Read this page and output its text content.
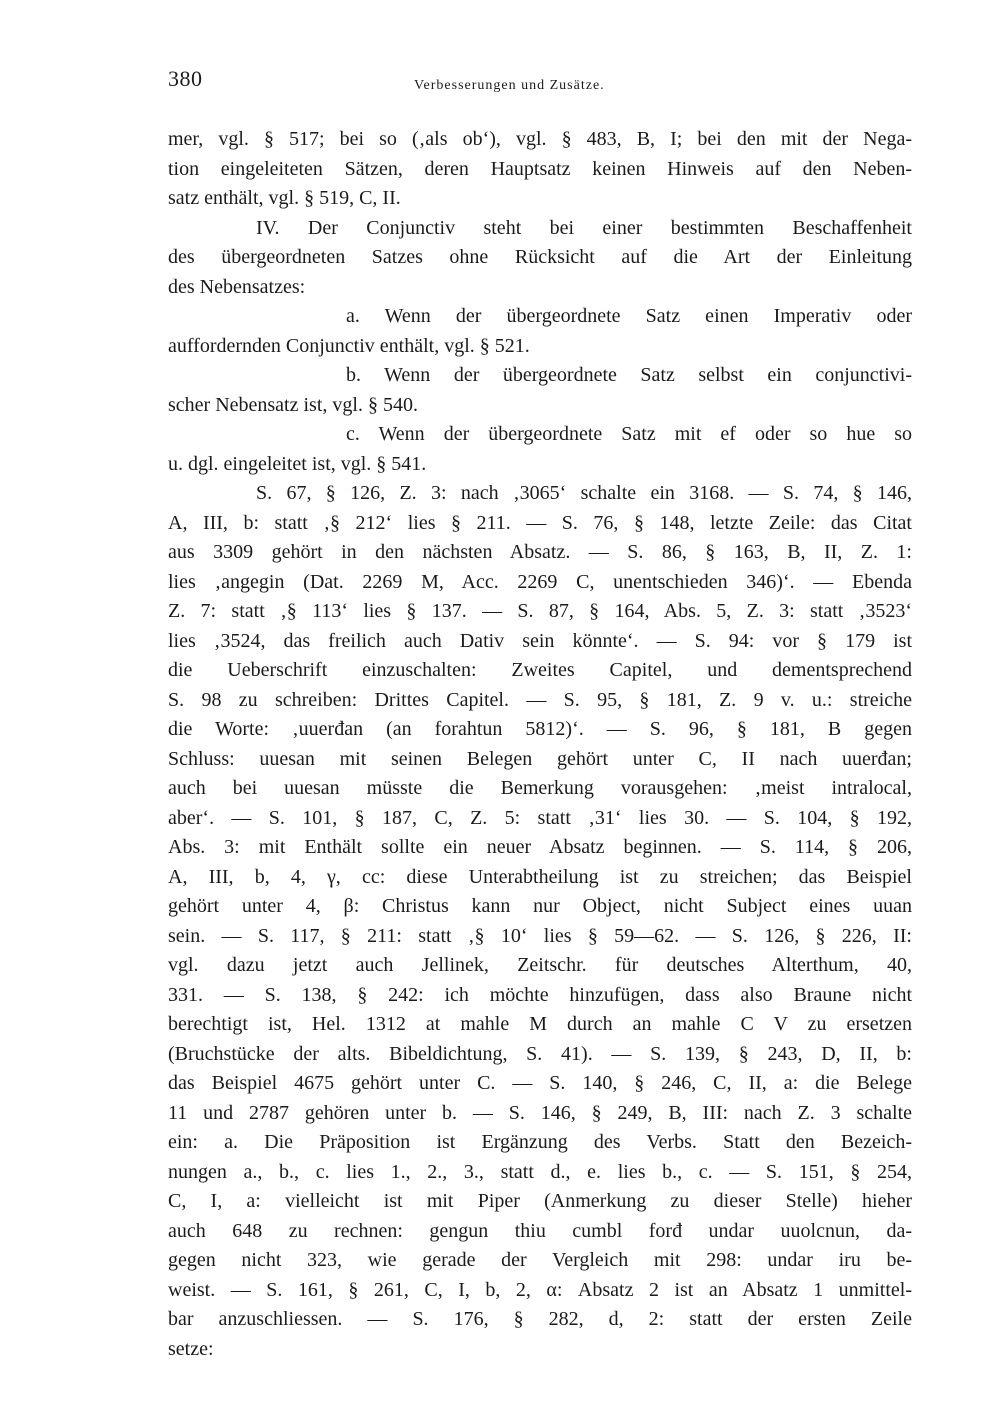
380	Verbesserungen und Zusätze.
mer, vgl. § 517; bei so (‚als ob‘), vgl. § 483, B, I; bei den mit der Nega-
tion eingeleiteten Sätzen, deren Hauptsatz keinen Hinweis auf den Neben-
satz enthält, vgl. § 519, C, II.
IV. Der Conjunctiv steht bei einer bestimmten Beschaffenheit
des übergeordneten Satzes ohne Rücksicht auf die Art der Einleitung
des Nebensatzes:
a. Wenn der übergeordnete Satz einen Imperativ oder
auffordernden Conjunctiv enthält, vgl. § 521.
b. Wenn der übergeordnete Satz selbst ein conjunctivi-
scher Nebensatz ist, vgl. § 540.
c. Wenn der übergeordnete Satz mit ef oder so hue so
u. dgl. eingeleitet ist, vgl. § 541.
S. 67, § 126, Z. 3: nach ‚3065‘ schalte ein 3168. — S. 74, § 146,
A, III, b: statt ‚§ 212‘ lies § 211. — S. 76, § 148, letzte Zeile: das Citat
aus 3309 gehört in den nächsten Absatz. — S. 86, § 163, B, II, Z. 1:
lies ‚angegin (Dat. 2269 M, Acc. 2269 C, unentschieden 346)‘. — Ebenda
Z. 7: statt ‚§ 113‘ lies § 137. — S. 87, § 164, Abs. 5, Z. 3: statt ‚3523‘
lies ‚3524, das freilich auch Dativ sein könnte‘. — S. 94: vor § 179 ist
die Ueberschrift einzuschalten: Zweites Capitel, und dementsprechend
S. 98 zu schreiben: Drittes Capitel. — S. 95, § 181, Z. 9 v. u.: streiche
die Worte: ‚uuerđan (an forahtun 5812)‘. — S. 96, § 181, B gegen
Schluss: uuesan mit seinen Belegen gehört unter C, II nach uuerđan;
auch bei uuesan müsste die Bemerkung vorausgehen: ‚meist intralocal,
aber‘. — S. 101, § 187, C, Z. 5: statt ‚31‘ lies 30. — S. 104, § 192,
Abs. 3: mit Enthält sollte ein neuer Absatz beginnen. — S. 114, § 206,
A, III, b, 4, γ, cc: diese Unterabtheilung ist zu streichen; das Beispiel
gehört unter 4, β: Christus kann nur Object, nicht Subject eines uuan
sein. — S. 117, § 211: statt ‚§ 10‘ lies § 59—62. — S. 126, § 226, II:
vgl. dazu jetzt auch Jellinek, Zeitschr. für deutsches Alterthum, 40,
331. — S. 138, § 242: ich möchte hinzufügen, dass also Braune nicht
berechtigt ist, Hel. 1312 at mahle M durch an mahle C V zu ersetzen
(Bruchstücke der alts. Bibeldichtung, S. 41). — S. 139, § 243, D, II, b:
das Beispiel 4675 gehört unter C. — S. 140, § 246, C, II, a: die Belege
11 und 2787 gehören unter b. — S. 146, § 249, B, III: nach Z. 3 schalte
ein: a. Die Präposition ist Ergänzung des Verbs. Statt den Bezeich-
nungen a., b., c. lies 1., 2., 3., statt d., e. lies b., c. — S. 151, § 254,
C, I, a: vielleicht ist mit Piper (Anmerkung zu dieser Stelle) hieher
auch 648 zu rechnen: gengun thiu cumbl forđ undar uuolcnun, da-
gegen nicht 323, wie gerade der Vergleich mit 298: undar iru be-
weist. — S. 161, § 261, C, I, b, 2, α: Absatz 2 ist an Absatz 1 unmittel-
bar anzuschliessen. — S. 176, § 282, d, 2: statt der ersten Zeile
setze:
